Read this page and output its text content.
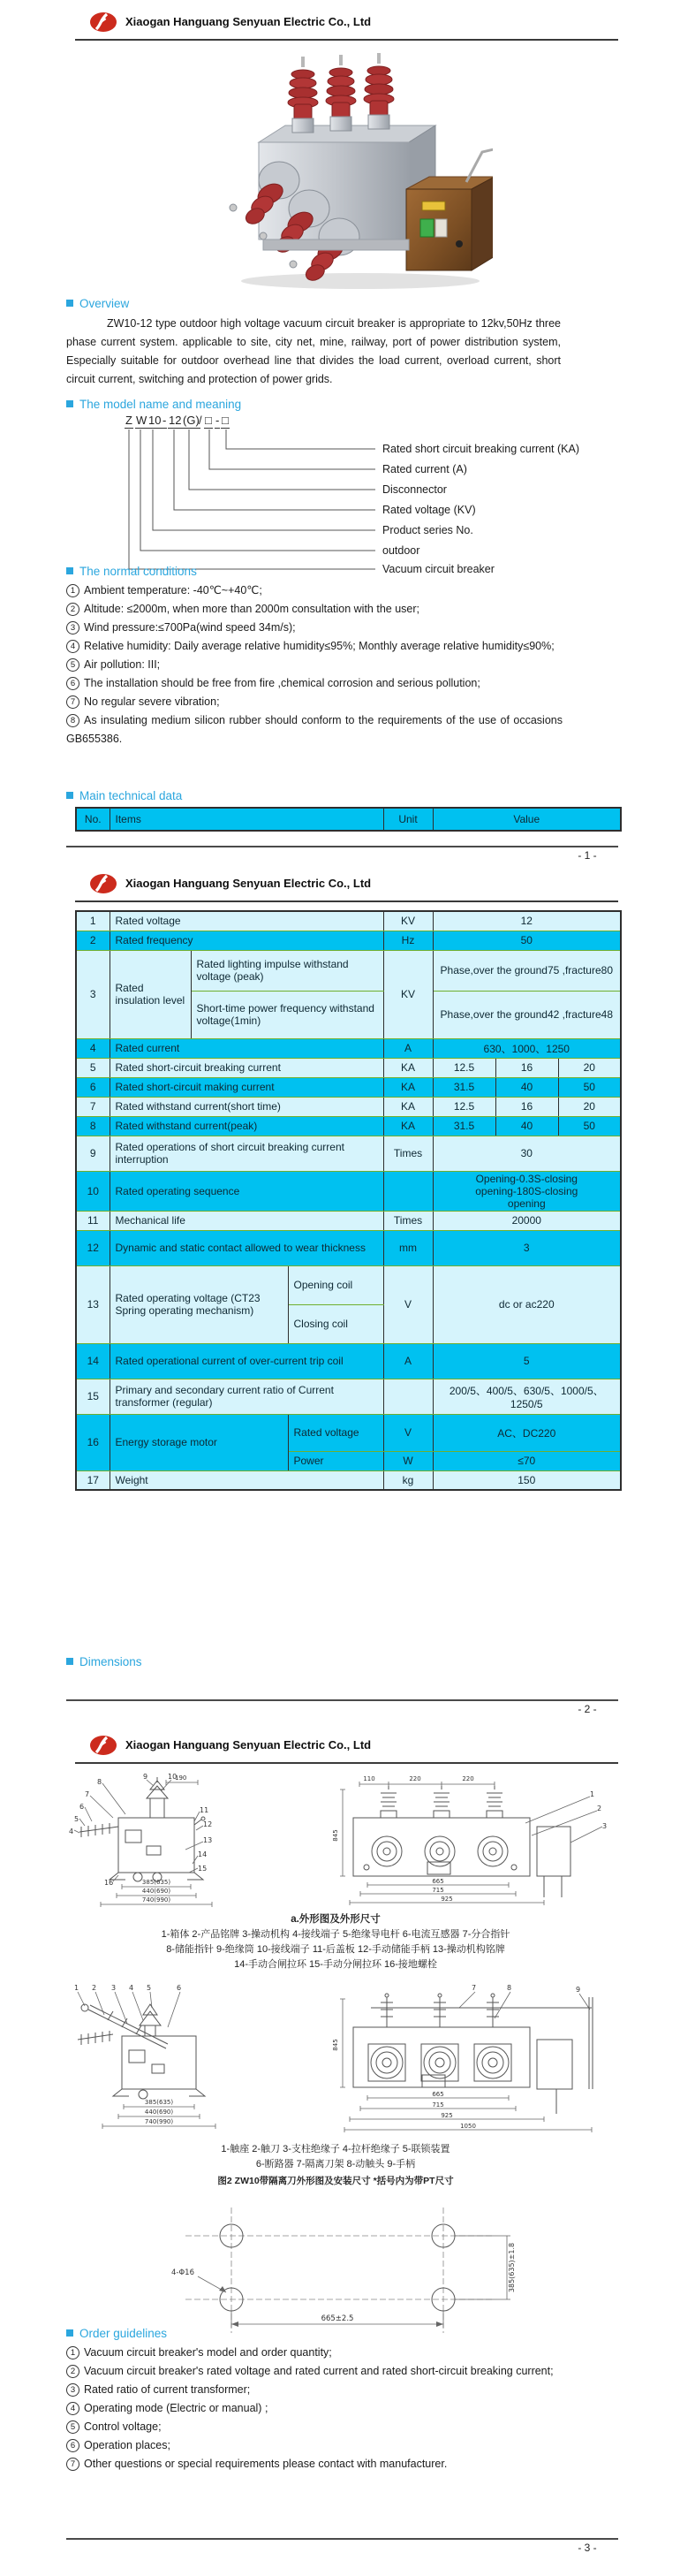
Xiaogan Hanguang Senyuan Electric Co., Ltd
Overview
ZW10-12 type outdoor high voltage vacuum circuit breaker is appropriate to 12kv,50Hz three phase current system. applicable to site, city net, mine, railway, port of power distribution system, Especially suitable for outdoor overhead line that divides the load current, overload current, short circuit current, switching and protection of power grids.
The model name and meaning
Z W 10 - 12 (G) / □ - □
Rated short circuit breaking current (KA)
Rated current (A)
Disconnector
Rated voltage (KV)
Product series No.
outdoor
Vacuum circuit breaker
The normal conditions
1 Ambient temperature: -40℃~+40℃;
2 Altitude: ≤2000m, when more than 2000m consultation with the user;
3 Wind pressure:≤700Pa(wind speed 34m/s);
4 Relative humidity: Daily average relative humidity≤95%; Monthly average relative humidity≤90%;
5 Air pollution: III;
6 The installation should be free from fire ,chemical corrosion and serious pollution;
7 No regular severe vibration;
8 As insulating medium silicon rubber should conform to the requirements of the use of occasions GB655386.
Main technical data
No.	Items	Unit	Value
- 1 -
Xiaogan Hanguang Senyuan Electric Co., Ltd
1	Rated voltage			KV	12		
2	Rated frequency			Hz	50		
3	Rated insulation level	Rated lighting impulse withstand voltage (peak)		KV	Phase,over the ground75 ,fracture80		
		Short-time power frequency withstand voltage(1min)			Phase,over the ground42 ,fracture48		
4	Rated current			A	630、1000、1250		
5	Rated short-circuit breaking current			KA	12.5	16	20
6	Rated short-circuit making current			KA	31.5	40	50
7	Rated withstand current(short time)			KA	12.5	16	20
8	Rated withstand current(peak)			KA	31.5	40	50
9	Rated operations of short circuit breaking current interruption			Times	30		
10	Rated operating sequence				Opening-0.3S-closing opening-180S-closing opening		
11	Mechanical life			Times	20000		
12	Dynamic and static contact allowed to wear thickness			mm	3		
13	Rated operating voltage (CT23 Spring operating mechanism)		Opening coil	V	dc or ac220		
			Closing coil				
14	Rated operational current of over-current trip coil			A	5		
15	Primary and secondary current ratio of Current transformer (regular)				200/5、400/5、630/5、1000/5、1250/5		
16	Energy storage motor		Rated voltage	V	AC、DC220		
			Power	W	≤70		
17	Weight			kg	150		
Dimensions
- 2 -
Xiaogan Hanguang Senyuan Electric Co., Ltd
4
5
6
7
8
9	10
11
12
13
14
15
16
190
385(635)
440(690)
740(990)
110	220	220
1
2
3
845
665
715
925
a.外形图及外形尺寸
1-箱体 2-产品铭牌 3-操动机构 4-接线端子 5-绝缘导电杆 6-电流互感器 7-分合指针
8-储能指针 9-绝缘筒 10-接线端子 11-后盖板 12-手动储能手柄 13-操动机构铭牌
14-手动合闸拉环 15-手动分闸拉环 16-接地螺栓
1 2 3 4 5	6
385(635)
440(690)
740(990)
7	8	9
845
665
715
925
1050
1-触座 2-触刀 3-支柱绝缘子 4-拉杆绝缘子 5-联锁装置
6-断路器 7-隔离刀架 8-动触头 9-手柄
图2 ZW10带隔离刀外形图及安装尺寸 *括号内为带PT尺寸
4-Φ16	385(635)±1.8
665±2.5
Order guidelines
1 Vacuum circuit breaker's model and order quantity;
2 Vacuum circuit breaker's rated voltage and rated current and rated short-circuit breaking current;
3 Rated ratio of current transformer;
4 Operating mode (Electric or manual) ;
5 Control voltage;
6 Operation places;
7 Other questions or special requirements please contact with manufacturer.
- 3 -
